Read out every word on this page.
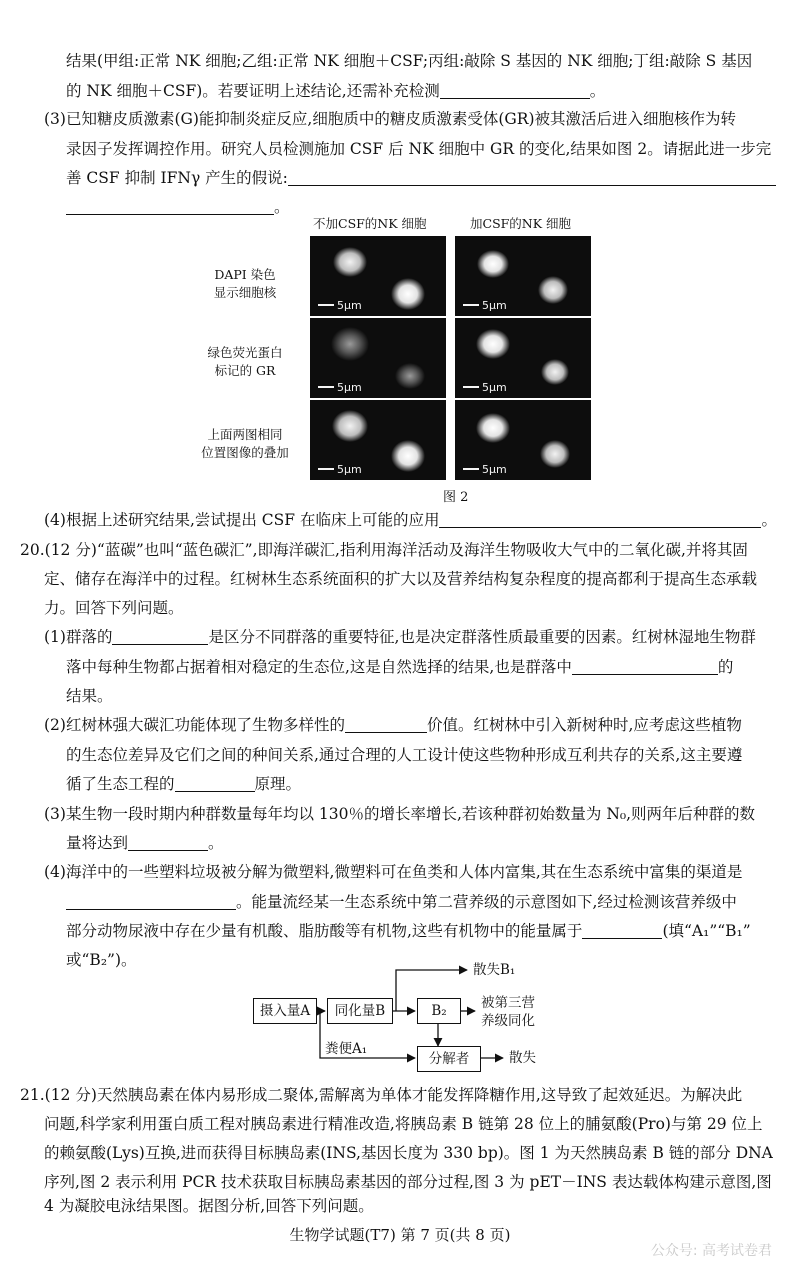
结果(甲组:正常 NK 细胞;乙组:正常 NK 细胞＋CSF;丙组:敲除 S 基因的 NK 细胞;丁组:敲除 S 基因
的 NK 细胞＋CSF)。若要证明上述结论,还需补充检测	。
(3)已知糖皮质激素(G)能抑制炎症反应,细胞质中的糖皮质激素受体(GR)被其激活后进入细胞核作为转
录因子发挥调控作用。研究人员检测施加 CSF 后 NK 细胞中 GR 的变化,结果如图 2。请据此进一步完
善 CSF 抑制 IFNγ 产生的假说:
。
不加CSF的NK 细胞	加CSF的NK 细胞
DAPI 染色
显示细胞核
绿色荧光蛋白
标记的 GR
上面两图相同
位置图像的叠加
5μm	5μm
5μm	5μm
5μm	5μm
图 2
(4)根据上述研究结果,尝试提出 CSF 在临床上可能的应用	。
20.(12 分)“蓝碳”也叫“蓝色碳汇”,即海洋碳汇,指利用海洋活动及海洋生物吸收大气中的二氧化碳,并将其固
定、储存在海洋中的过程。红树林生态系统面积的扩大以及营养结构复杂程度的提高都利于提高生态承载
力。回答下列问题。
(1)群落的	是区分不同群落的重要特征,也是决定群落性质最重要的因素。红树林湿地生物群
落中每种生物都占据着相对稳定的生态位,这是自然选择的结果,也是群落中	的
结果。
(2)红树林强大碳汇功能体现了生物多样性的	价值。红树林中引入新树种时,应考虑这些植物
的生态位差异及它们之间的种间关系,通过合理的人工设计使这些物种形成互利共存的关系,这主要遵
循了生态工程的	原理。
(3)某生物一段时期内种群数量每年均以 130％的增长率增长,若该种群初始数量为 N₀,则两年后种群的数
量将达到	。
(4)海洋中的一些塑料垃圾被分解为微塑料,微塑料可在鱼类和人体内富集,其在生态系统中富集的渠道是
。能量流经某一生态系统中第二营养级的示意图如下,经过检测该营养级中
部分动物尿液中存在少量有机酸、脂肪酸等有机物,这些有机物中的能量属于	(填“A₁”“B₁”
或“B₂”)。
摄入量A	同化量B	B₂
分解者
散失B₁
被第三营
养级同化
粪便A₁
散失
21.(12 分)天然胰岛素在体内易形成二聚体,需解离为单体才能发挥降糖作用,这导致了起效延迟。为解决此
问题,科学家利用蛋白质工程对胰岛素进行精准改造,将胰岛素 B 链第 28 位上的脯氨酸(Pro)与第 29 位上
的赖氨酸(Lys)互换,进而获得目标胰岛素(INS,基因长度为 330 bp)。图 1 为天然胰岛素 B 链的部分 DNA
序列,图 2 表示利用 PCR 技术获取目标胰岛素基因的部分过程,图 3 为 pET－INS 表达载体构建示意图,图
4 为凝胶电泳结果图。据图分析,回答下列问题。
生物学试题(T7) 第 7 页(共 8 页)
公众号: 高考试卷君
